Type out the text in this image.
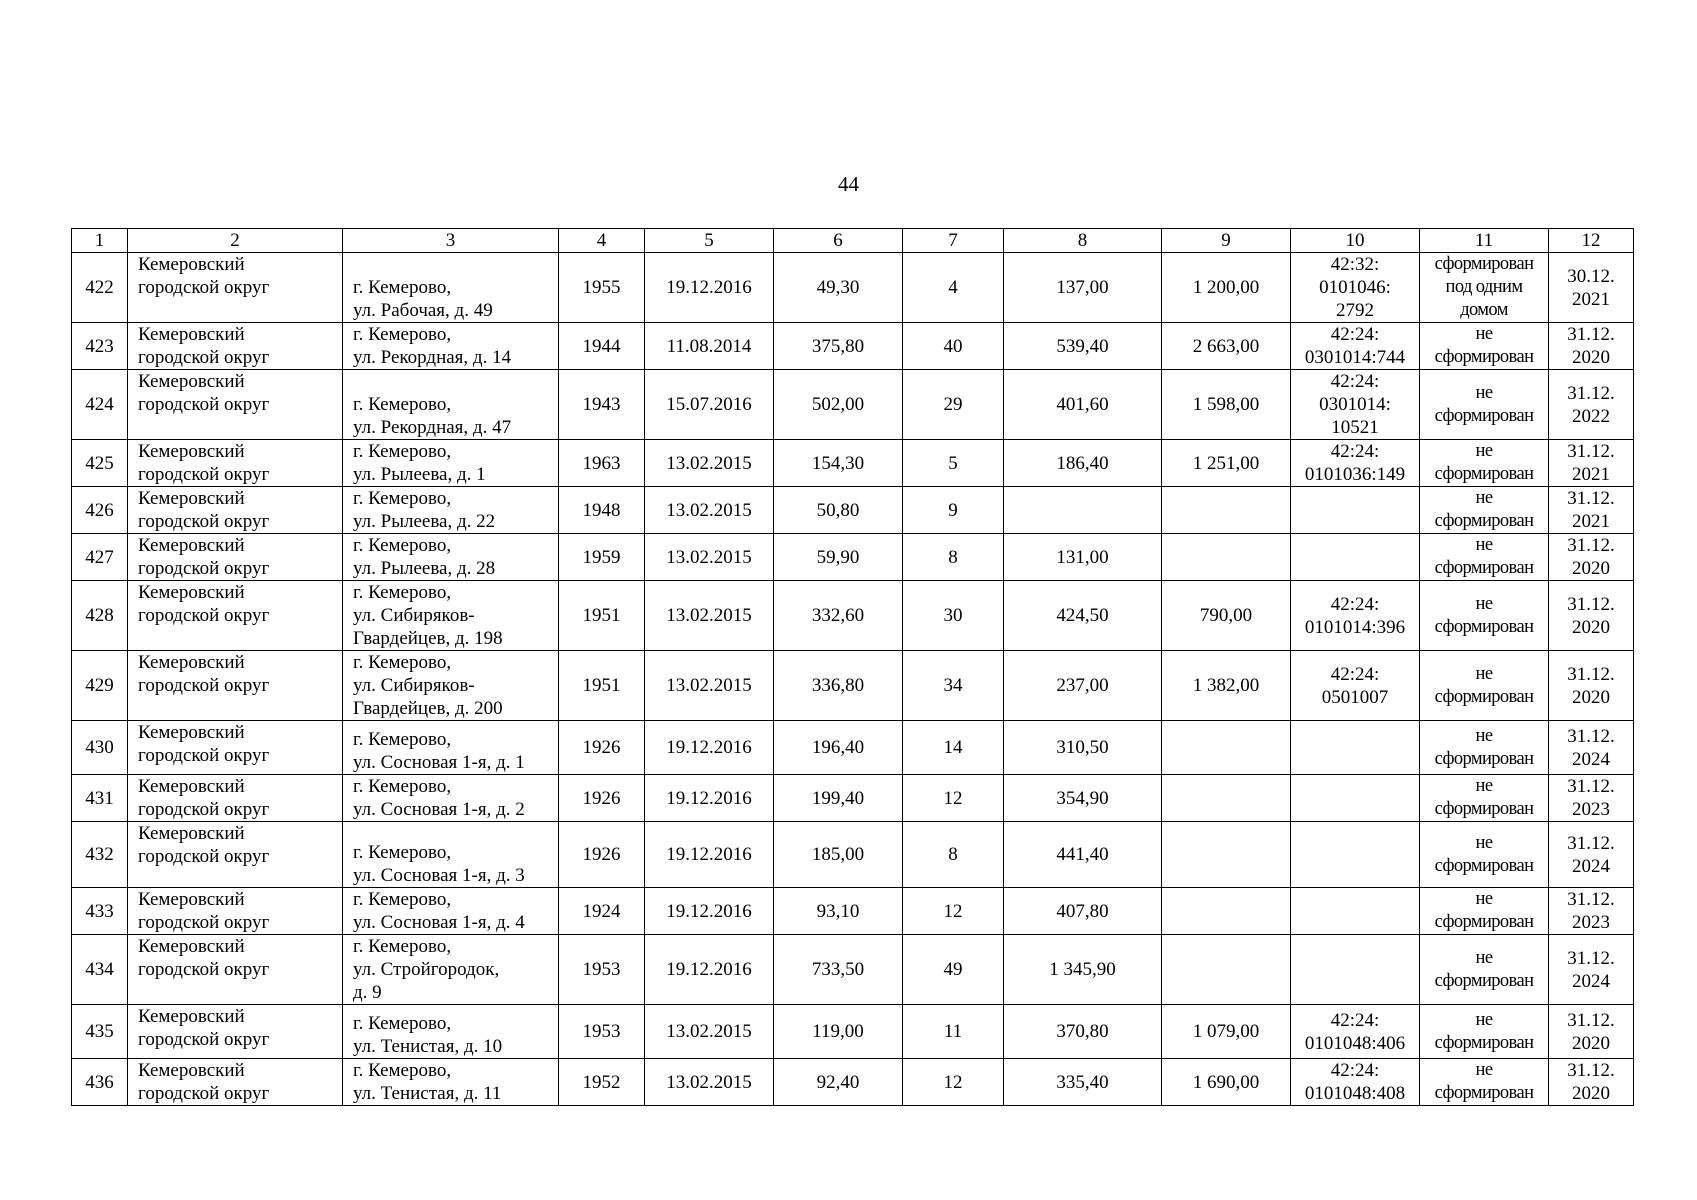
44
1	2	3	4	5	6	7	8	9	10	11	12
422	Кемеровский
городской округ	г. Кемерово,
ул. Рабочая, д. 49	1955	19.12.2016	49,30	4	137,00	1 200,00	42:32:
0101046:
2792	сформирован
под одним
домом	30.12.
2021

423	Кемеровский
городской округ	г. Кемерово,
ул. Рекордная, д. 14	1944	11.08.2014	375,80	40	539,40	2 663,00	42:24:
0301014:744	не
сформирован	31.12.
2020

424	Кемеровский
городской округ	г. Кемерово,
ул. Рекордная, д. 47	1943	15.07.2016	502,00	29	401,60	1 598,00	42:24:
0301014:
10521	не
сформирован	31.12.
2022

425	Кемеровский
городской округ	г. Кемерово,
ул. Рылеева, д. 1	1963	13.02.2015	154,30	5	186,40	1 251,00	42:24:
0101036:149	не
сформирован	31.12.
2021

426	Кемеровский
городской округ	г. Кемерово,
ул. Рылеева, д. 22	1948	13.02.2015	50,80	9				не
сформирован	31.12.
2021

427	Кемеровский
городской округ	г. Кемерово,
ул. Рылеева, д. 28	1959	13.02.2015	59,90	8	131,00			не
сформирован	31.12.
2020

428	Кемеровский
городской округ	г. Кемерово,
ул. Сибиряков-
Гвардейцев, д. 198	1951	13.02.2015	332,60	30	424,50	790,00	42:24:
0101014:396	не
сформирован	31.12.
2020

429	Кемеровский
городской округ	г. Кемерово,
ул. Сибиряков-
Гвардейцев, д. 200	1951	13.02.2015	336,80	34	237,00	1 382,00	42:24:
0501007	не
сформирован	31.12.
2020

430	Кемеровский
городской округ	г. Кемерово,
ул. Сосновая 1-я, д. 1	1926	19.12.2016	196,40	14	310,50			не
сформирован	31.12.
2024

431	Кемеровский
городской округ	г. Кемерово,
ул. Сосновая 1-я, д. 2	1926	19.12.2016	199,40	12	354,90			не
сформирован	31.12.
2023

432	Кемеровский
городской округ	г. Кемерово,
ул. Сосновая 1-я, д. 3	1926	19.12.2016	185,00	8	441,40			не
сформирован	31.12.
2024

433	Кемеровский
городской округ	г. Кемерово,
ул. Сосновая 1-я, д. 4	1924	19.12.2016	93,10	12	407,80			не
сформирован	31.12.
2023

434	Кемеровский
городской округ	г. Кемерово,
ул. Стройгородок,
д. 9	1953	19.12.2016	733,50	49	1 345,90			не
сформирован	31.12.
2024

435	Кемеровский
городской округ	г. Кемерово,
ул. Тенистая, д. 10	1953	13.02.2015	119,00	11	370,80	1 079,00	42:24:
0101048:406	не
сформирован	31.12.
2020

436	Кемеровский
городской округ	г. Кемерово,
ул. Тенистая, д. 11	1952	13.02.2015	92,40	12	335,40	1 690,00	42:24:
0101048:408	не
сформирован	31.12.
2020
